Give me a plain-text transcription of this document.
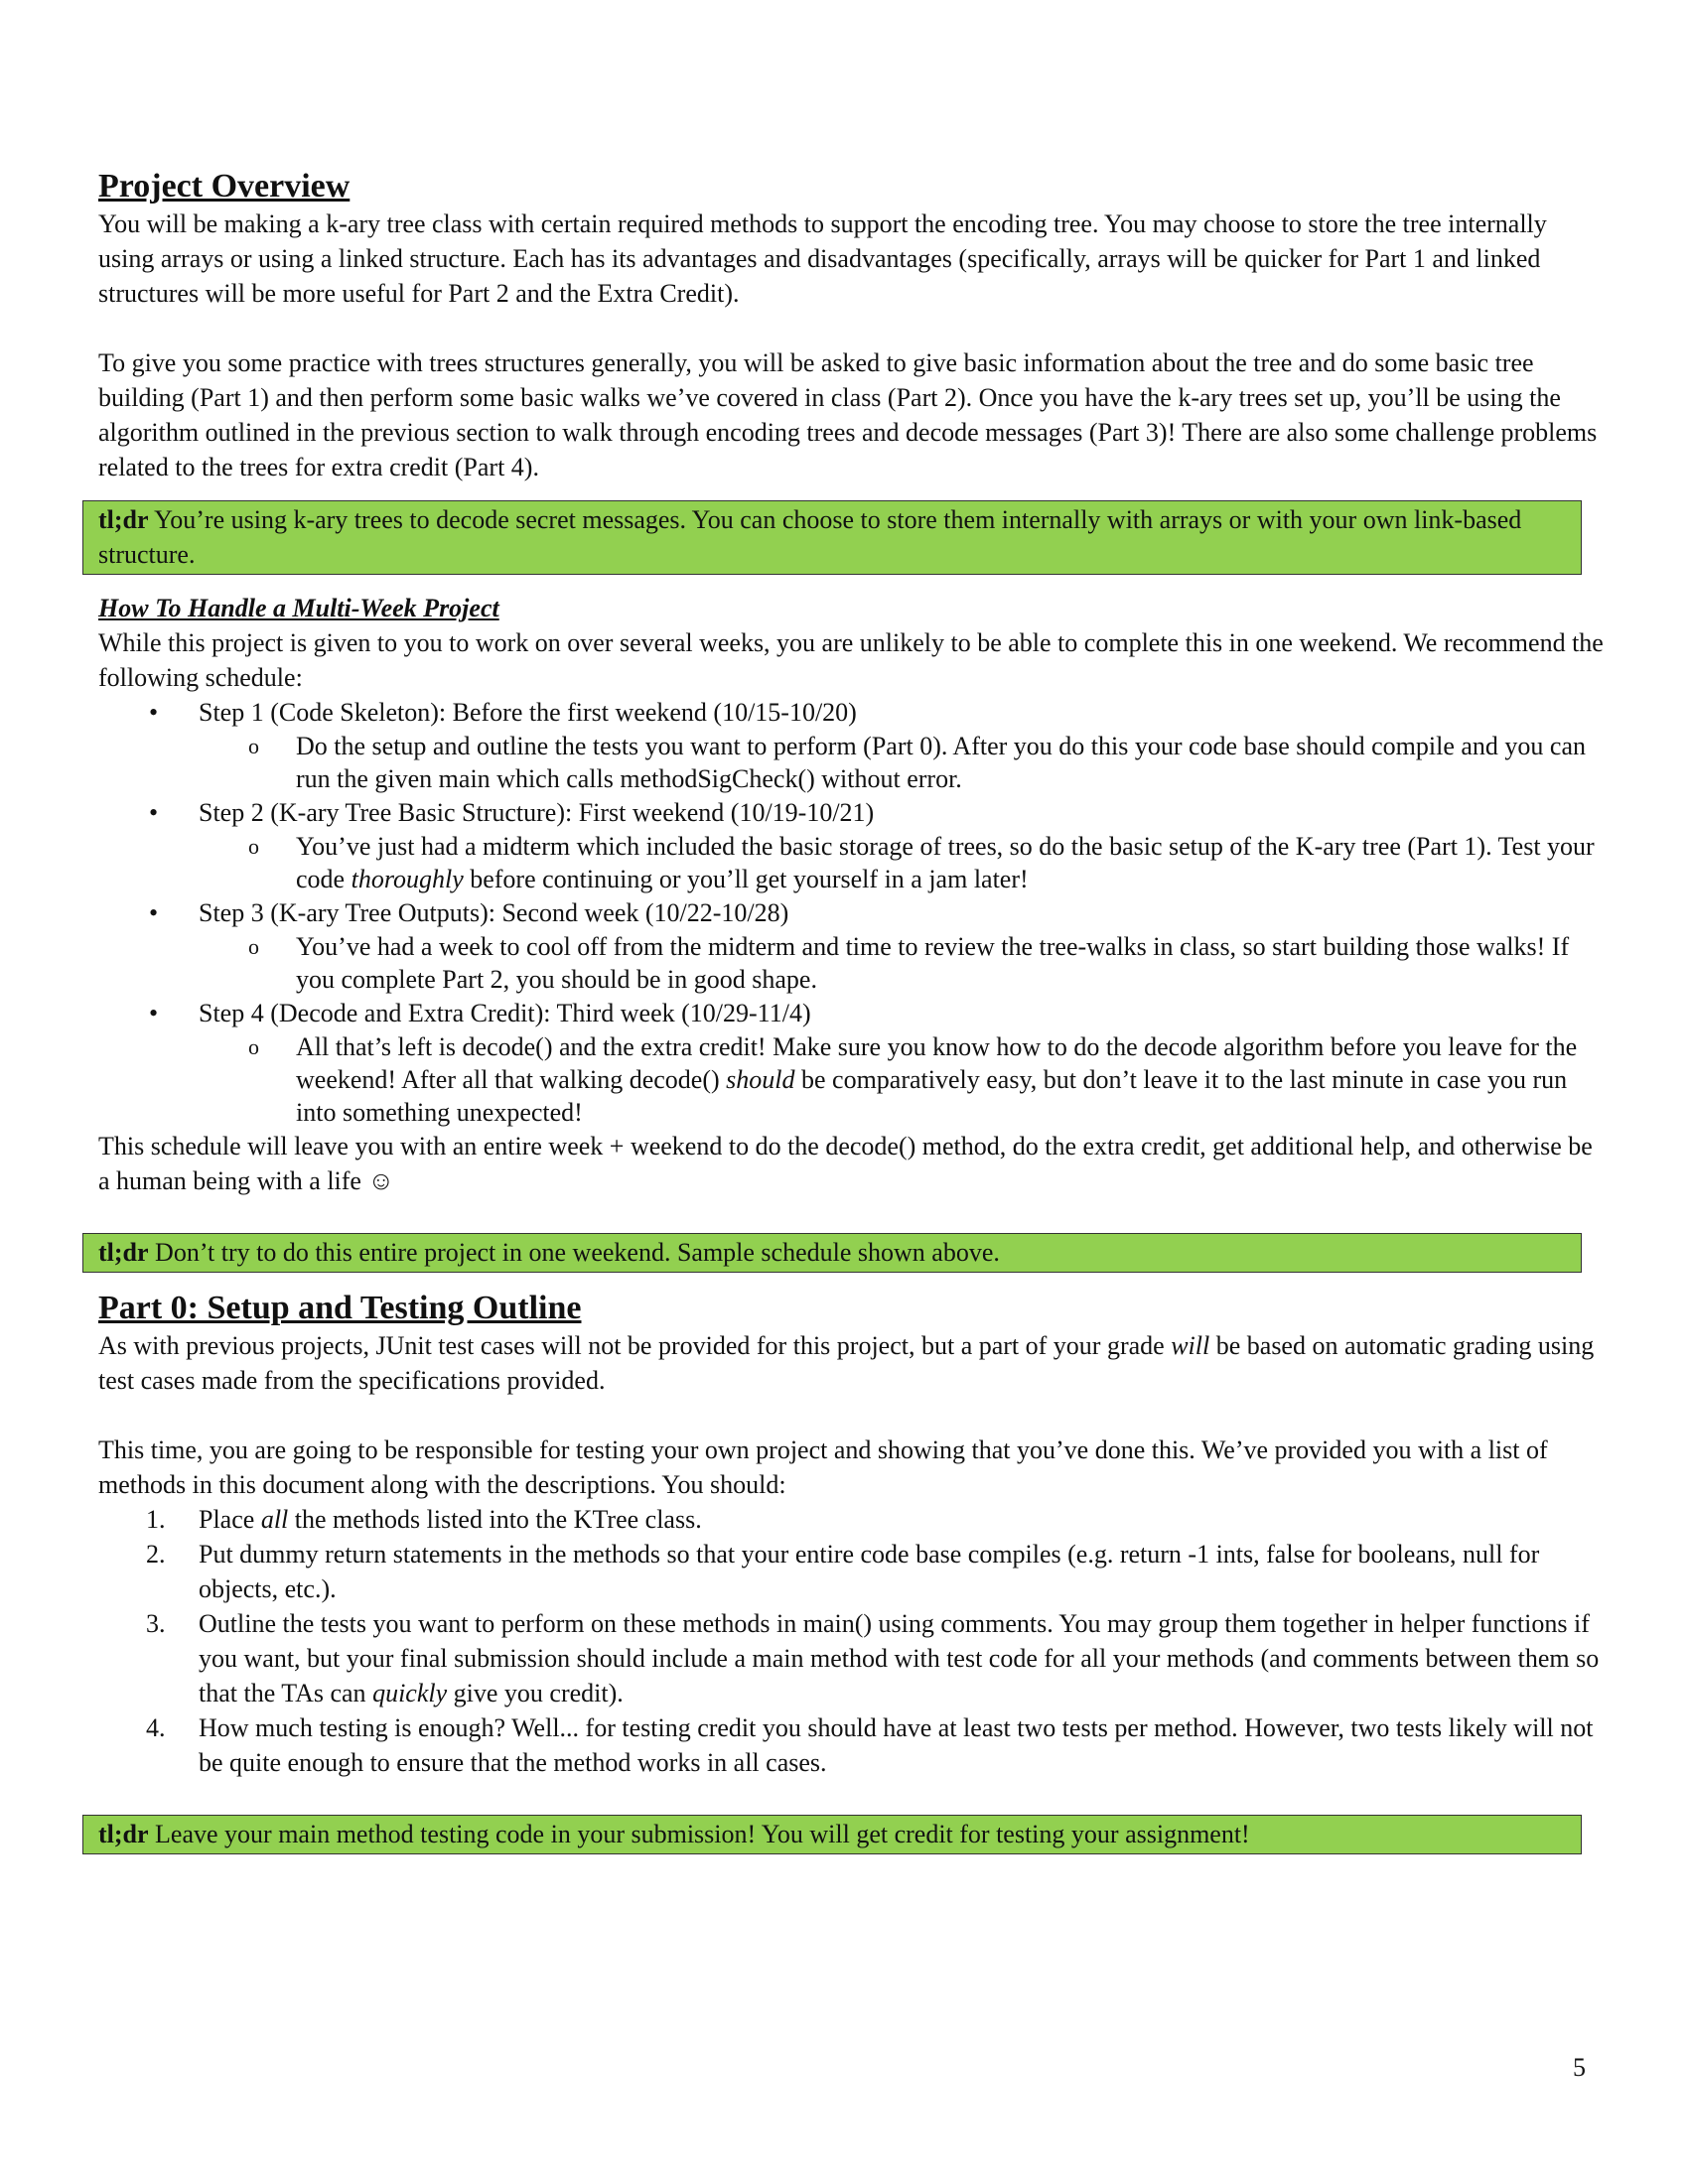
Project Overview

You will be making a k-ary tree class with certain required methods to support the encoding tree. You may choose to store the tree internally using arrays or using a linked structure. Each has its advantages and disadvantages (specifically, arrays will be quicker for Part 1 and linked structures will be more useful for Part 2 and the Extra Credit).

To give you some practice with trees structures generally, you will be asked to give basic information about the tree and do some basic tree building (Part 1) and then perform some basic walks we’ve covered in class (Part 2). Once you have the k-ary trees set up, you’ll be using the algorithm outlined in the previous section to walk through encoding trees and decode messages (Part 3)! There are also some challenge problems related to the trees for extra credit (Part 4).

tl;dr You’re using k-ary trees to decode secret messages. You can choose to store them internally with arrays or with your own link-based structure.
How To Handle a Multi-Week Project

While this project is given to you to work on over several weeks, you are unlikely to be able to complete this in one weekend. We recommend the following schedule:

• Step 1 (Code Skeleton): Before the first weekend (10/15-10/20)
o Do the setup and outline the tests you want to perform (Part 0). After you do this your code base should compile and you can run the given main which calls methodSigCheck() without error.
• Step 2 (K-ary Tree Basic Structure): First weekend (10/19-10/21)
o You’ve just had a midterm which included the basic storage of trees, so do the basic setup of the K-ary tree (Part 1). Test your code thoroughly before continuing or you’ll get yourself in a jam later!
• Step 3 (K-ary Tree Outputs): Second week (10/22-10/28)
o You’ve had a week to cool off from the midterm and time to review the tree-walks in class, so start building those walks! If you complete Part 2, you should be in good shape.
• Step 4 (Decode and Extra Credit): Third week (10/29-11/4)
o All that’s left is decode() and the extra credit! Make sure you know how to do the decode algorithm before you leave for the weekend! After all that walking decode() should be comparatively easy, but don’t leave it to the last minute in case you run into something unexpected!

This schedule will leave you with an entire week + weekend to do the decode() method, do the extra credit, get additional help, and otherwise be a human being with a life ☺

tl;dr Don’t try to do this entire project in one weekend. Sample schedule shown above.
Part 0: Setup and Testing Outline

As with previous projects, JUnit test cases will not be provided for this project, but a part of your grade will be based on automatic grading using test cases made from the specifications provided.

This time, you are going to be responsible for testing your own project and showing that you’ve done this. We’ve provided you with a list of methods in this document along with the descriptions. You should:

1. Place all the methods listed into the KTree class.
2. Put dummy return statements in the methods so that your entire code base compiles (e.g. return -1 ints, false for booleans, null for objects, etc.).
3. Outline the tests you want to perform on these methods in main() using comments. You may group them together in helper functions if you want, but your final submission should include a main method with test code for all your methods (and comments between them so that the TAs can quickly give you credit).
4. How much testing is enough? Well... for testing credit you should have at least two tests per method. However, two tests likely will not be quite enough to ensure that the method works in all cases.
tl;dr Leave your main method testing code in your submission! You will get credit for testing your assignment!
5
